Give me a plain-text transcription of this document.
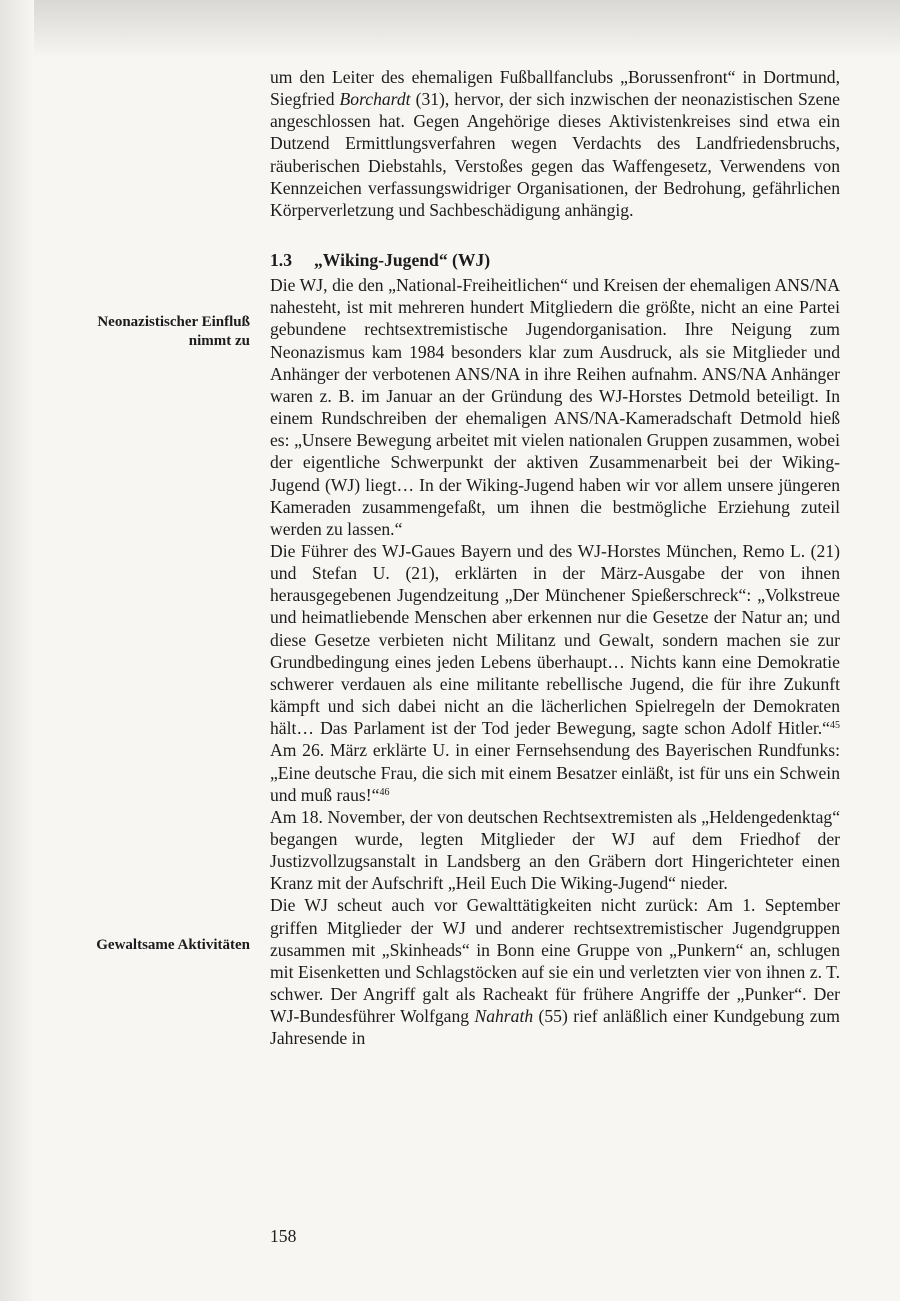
Neonazistischer Einfluß nimmt zu
Gewaltsame Aktivitäten

um den Leiter des ehemaligen Fußballfanclubs „Borussenfront“ in Dortmund, Siegfried Borchardt (31), hervor, der sich inzwischen der neonazistischen Szene angeschlossen hat. Gegen Angehörige dieses Aktivistenkreises sind etwa ein Dutzend Ermittlungsverfahren wegen Verdachts des Landfriedensbruchs, räuberischen Diebstahls, Verstoßes gegen das Waffengesetz, Verwendens von Kennzeichen verfassungswidriger Organisationen, der Bedrohung, gefährlichen Körperverletzung und Sachbeschädigung anhängig.

1.3 „Wiking-Jugend“ (WJ)

Die WJ, die den „National-Freiheitlichen“ und Kreisen der ehemaligen ANS/NA nahesteht, ist mit mehreren hundert Mitgliedern die größte, nicht an eine Partei gebundene rechtsextremistische Jugendorganisation. Ihre Neigung zum Neonazismus kam 1984 besonders klar zum Ausdruck, als sie Mitglieder und Anhänger der verbotenen ANS/NA in ihre Reihen aufnahm. ANS/NA Anhänger waren z. B. im Januar an der Gründung des WJ-Horstes Detmold beteiligt. In einem Rundschreiben der ehemaligen ANS/NA-Kameradschaft Detmold hieß es: „Unsere Bewegung arbeitet mit vielen nationalen Gruppen zusammen, wobei der eigentliche Schwerpunkt der aktiven Zusammenarbeit bei der Wiking-Jugend (WJ) liegt… In der Wiking-Jugend haben wir vor allem unsere jüngeren Kameraden zusammengefaßt, um ihnen die bestmögliche Erziehung zuteil werden zu lassen.“

Die Führer des WJ-Gaues Bayern und des WJ-Horstes München, Remo L. (21) und Stefan U. (21), erklärten in der März-Ausgabe der von ihnen herausgegebenen Jugendzeitung „Der Münchener Spießerschreck“: „Volkstreue und heimatliebende Menschen aber erkennen nur die Gesetze der Natur an; und diese Gesetze verbieten nicht Militanz und Gewalt, sondern machen sie zur Grundbedingung eines jeden Lebens überhaupt… Nichts kann eine Demokratie schwerer verdauen als eine militante rebellische Jugend, die für ihre Zukunft kämpft und sich dabei nicht an die lächerlichen Spielregeln der Demokraten hält… Das Parlament ist der Tod jeder Bewegung, sagte schon Adolf Hitler.“$^{45}$ Am 26. März erklärte U. in einer Fernsehsendung des Bayerischen Rundfunks: „Eine deutsche Frau, die sich mit einem Besatzer einläßt, ist für uns ein Schwein und muß raus!“$^{46}$

Am 18. November, der von deutschen Rechtsextremisten als „Heldengedenktag“ begangen wurde, legten Mitglieder der WJ auf dem Friedhof der Justizvollzugsanstalt in Landsberg an den Gräbern dort Hingerichteter einen Kranz mit der Aufschrift „Heil Euch Die Wiking-Jugend“ nieder.

Die WJ scheut auch vor Gewalttätigkeiten nicht zurück: Am 1. September griffen Mitglieder der WJ und anderer rechtsextremistischer Jugendgruppen zusammen mit „Skinheads“ in Bonn eine Gruppe von „Punkern“ an, schlugen mit Eisenketten und Schlagstöcken auf sie ein und verletzten vier von ihnen z. T. schwer. Der Angriff galt als Racheakt für frühere Angriffe der „Punker“. Der WJ-Bundesführer Wolfgang Nahrath (55) rief anläßlich einer Kundgebung zum Jahresende in

158
